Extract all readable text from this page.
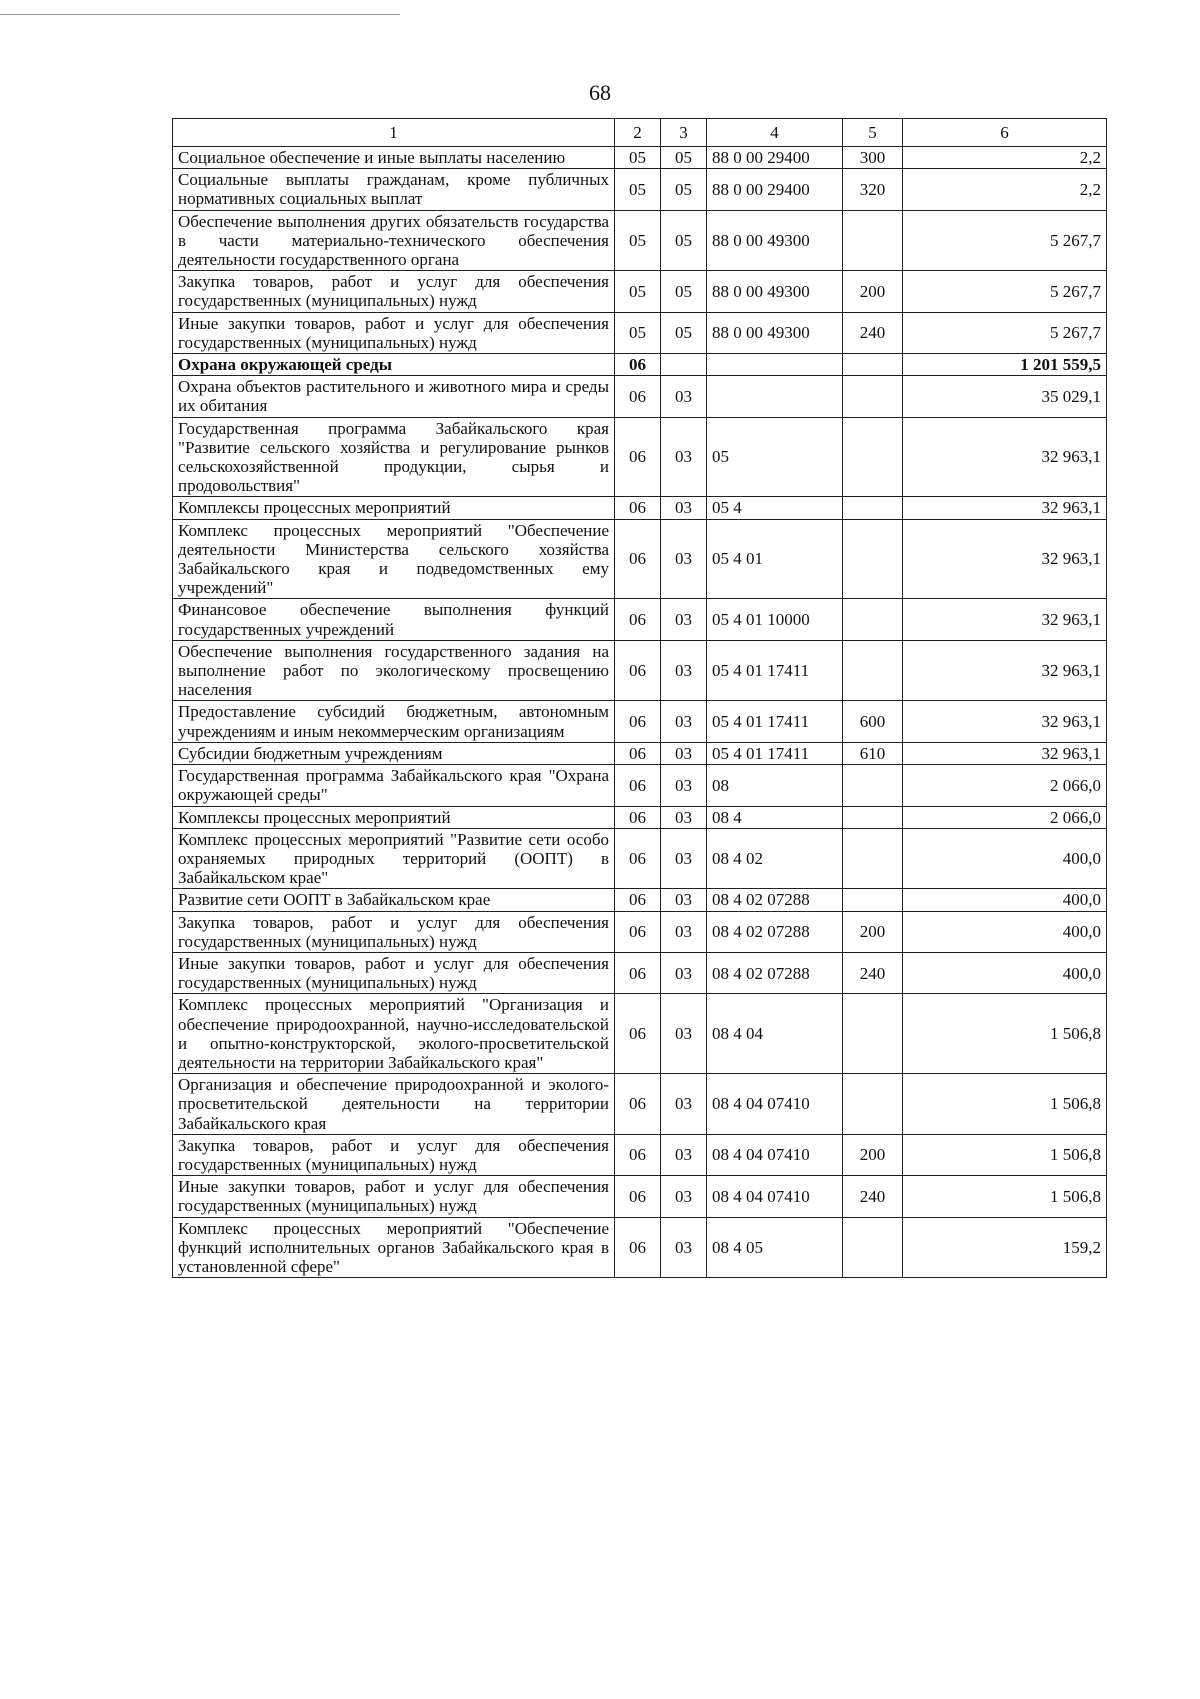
68
1	2	3	4	5	6
Социальное обеспечение и иные выплаты населению	05	05	88 0 00 29400	300	2,2
Социальные выплаты гражданам, кроме публичных нормативных социальных выплат	05	05	88 0 00 29400	320	2,2
Обеспечение выполнения других обязательств государства в части материально-технического обеспечения деятельности государственного органа	05	05	88 0 00 49300		5 267,7
Закупка товаров, работ и услуг для обеспечения государственных (муниципальных) нужд	05	05	88 0 00 49300	200	5 267,7
Иные закупки товаров, работ и услуг для обеспечения государственных (муниципальных) нужд	05	05	88 0 00 49300	240	5 267,7
Охрана окружающей среды	06				1 201 559,5
Охрана объектов растительного и животного мира и среды их обитания	06	03			35 029,1
Государственная программа Забайкальского края "Развитие сельского хозяйства и регулирование рынков сельскохозяйственной продукции, сырья и продовольствия"	06	03	05		32 963,1
Комплексы процессных мероприятий	06	03	05 4		32 963,1
Комплекс процессных мероприятий "Обеспечение деятельности Министерства сельского хозяйства Забайкальского края и подведомственных ему учреждений"	06	03	05 4 01		32 963,1
Финансовое обеспечение выполнения функций государственных учреждений	06	03	05 4 01 10000		32 963,1
Обеспечение выполнения государственного задания на выполнение работ по экологическому просвещению населения	06	03	05 4 01 17411		32 963,1
Предоставление субсидий бюджетным, автономным учреждениям и иным некоммерческим организациям	06	03	05 4 01 17411	600	32 963,1
Субсидии бюджетным учреждениям	06	03	05 4 01 17411	610	32 963,1
Государственная программа Забайкальского края "Охрана окружающей среды"	06	03	08		2 066,0
Комплексы процессных мероприятий	06	03	08 4		2 066,0
Комплекс процессных мероприятий "Развитие сети особо охраняемых природных территорий (ООПТ) в Забайкальском крае"	06	03	08 4 02		400,0
Развитие сети ООПТ в Забайкальском крае	06	03	08 4 02 07288		400,0
Закупка товаров, работ и услуг для обеспечения государственных (муниципальных) нужд	06	03	08 4 02 07288	200	400,0
Иные закупки товаров, работ и услуг для обеспечения государственных (муниципальных) нужд	06	03	08 4 02 07288	240	400,0
Комплекс процессных мероприятий "Организация и обеспечение природоохранной, научно-исследовательской и опытно-конструкторской, эколого-просветительской деятельности на территории Забайкальского края"	06	03	08 4 04		1 506,8
Организация и обеспечение природоохранной и эколого-просветительской деятельности на территории Забайкальского края	06	03	08 4 04 07410		1 506,8
Закупка товаров, работ и услуг для обеспечения государственных (муниципальных) нужд	06	03	08 4 04 07410	200	1 506,8
Иные закупки товаров, работ и услуг для обеспечения государственных (муниципальных) нужд	06	03	08 4 04 07410	240	1 506,8
Комплекс процессных мероприятий "Обеспечение функций исполнительных органов Забайкальского края в установленной сфере"	06	03	08 4 05		159,2
